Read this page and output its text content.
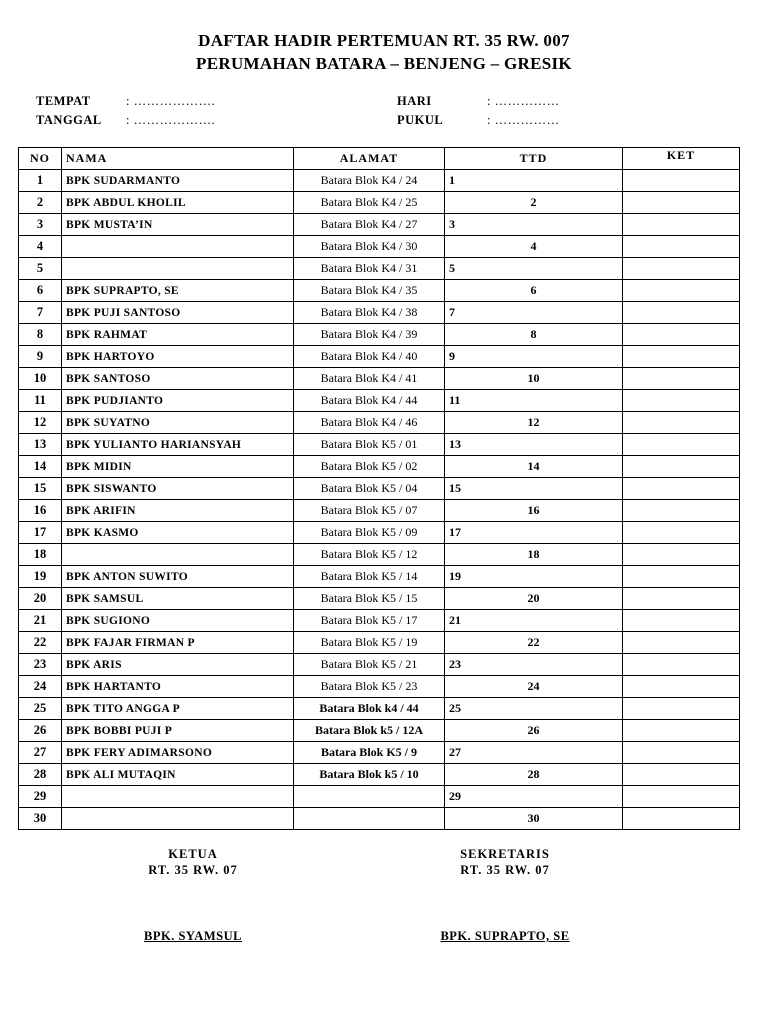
DAFTAR HADIR PERTEMUAN RT. 35 RW. 007
PERUMAHAN BATARA – BENJENG – GRESIK
TEMPAT	: ……………….
TANGGAL : ……………….
HARI	: ……………
PUKUL	: ……………
NO	NAMA	ALAMAT	TTD	KET
1	BPK SUDARMANTO	Batara Blok K4 / 24	1	
2	BPK ABDUL KHOLIL	Batara Blok K4 / 25	2	
3	BPK MUSTA’IN	Batara Blok K4 / 27	3	
4		Batara Blok K4 / 30	4	
5		Batara Blok K4 / 31	5	
6	BPK SUPRAPTO, SE	Batara Blok K4 / 35	6	
7	BPK PUJI SANTOSO	Batara Blok K4 / 38	7	
8	BPK RAHMAT	Batara Blok K4 / 39	8	
9	BPK HARTOYO	Batara Blok K4 / 40	9	
10	BPK SANTOSO	Batara Blok K4 / 41	10	
11	BPK PUDJIANTO	Batara Blok K4 / 44	11	
12	BPK SUYATNO	Batara Blok K4 / 46	12	
13	BPK YULIANTO HARIANSYAH	Batara Blok K5 / 01	13	
14	BPK MIDIN	Batara Blok K5 / 02	14	
15	BPK SISWANTO	Batara Blok K5 / 04	15	
16	BPK ARIFIN	Batara Blok K5 / 07	16	
17	BPK KASMO	Batara Blok K5 / 09	17	
18		Batara Blok K5 / 12	18	
19	BPK ANTON SUWITO	Batara Blok K5 / 14	19	
20	BPK SAMSUL	Batara Blok K5 / 15	20	
21	BPK SUGIONO	Batara Blok K5 / 17	21	
22	BPK FAJAR FIRMAN P	Batara Blok K5 / 19	22	
23	BPK ARIS	Batara Blok K5 / 21	23	
24	BPK HARTANTO	Batara Blok K5 / 23	24	
25	BPK TITO ANGGA P	Batara Blok k4 / 44	25	
26	BPK BOBBI PUJI P	Batara Blok k5 / 12A	26	
27	BPK FERY ADIMARSONO	Batara Blok K5 / 9	27	
28	BPK ALI MUTAQIN	Batara Blok k5 / 10	28	
29			29	
30			30	
KETUA
RT. 35 RW. 07
BPK. SYAMSUL
SEKRETARIS
RT. 35 RW. 07
BPK. SUPRAPTO, SE
